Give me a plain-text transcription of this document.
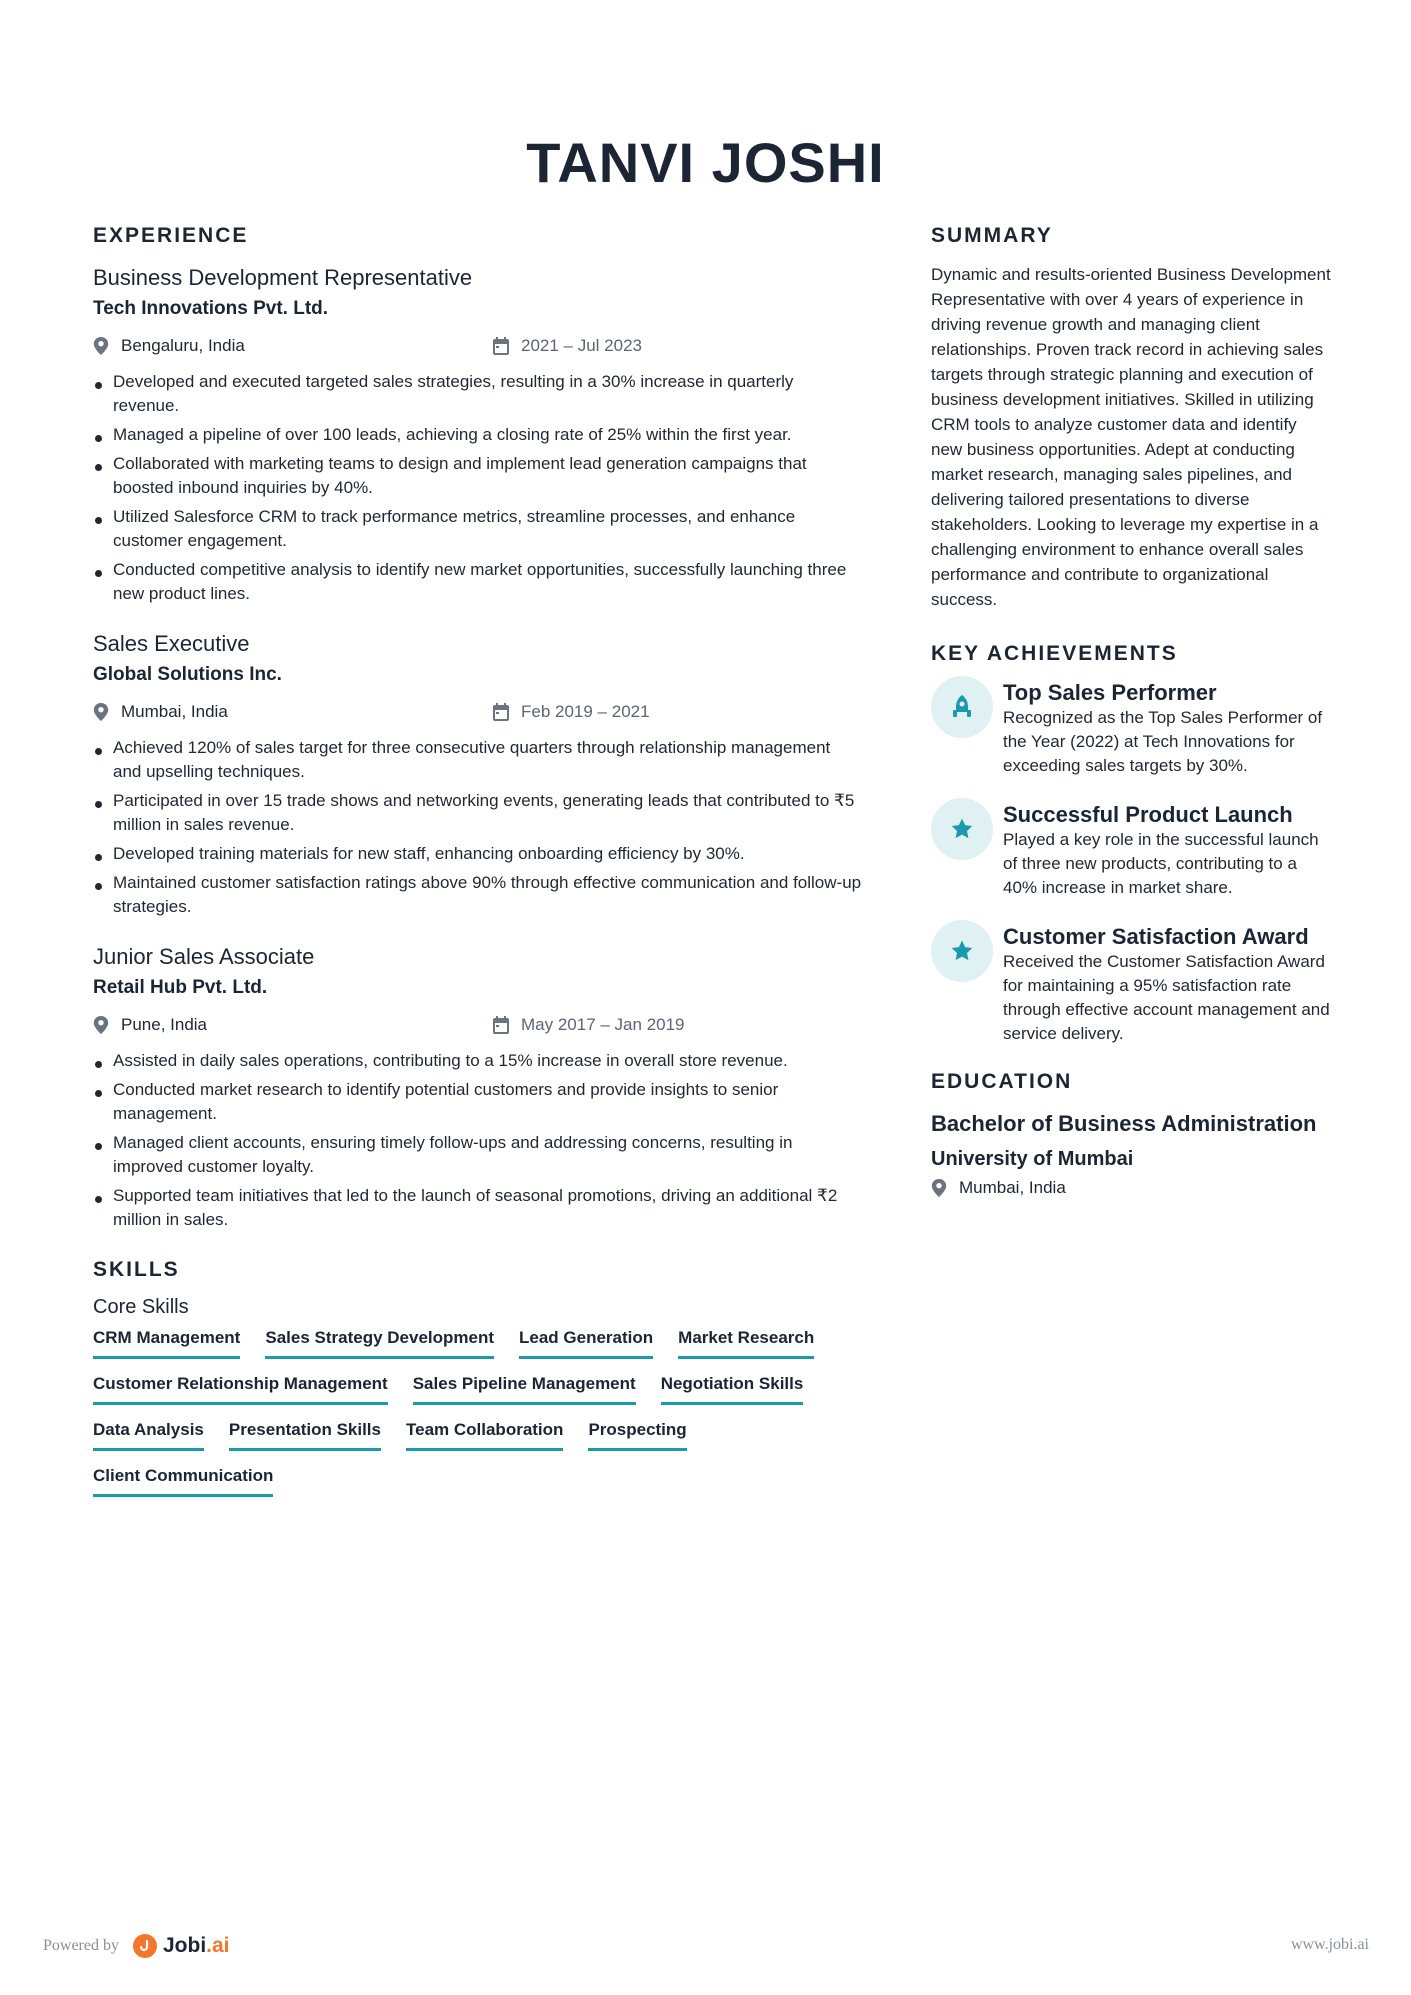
TANVI JOSHI
EXPERIENCE

Business Development Representative

Tech Innovations Pvt. Ltd.

Bengaluru, India	2021 – Jul 2023
Developed and executed targeted sales strategies, resulting in a 30% increase in quarterly revenue.
Managed a pipeline of over 100 leads, achieving a closing rate of 25% within the first year.
Collaborated with marketing teams to design and implement lead generation campaigns that boosted inbound inquiries by 40%.
Utilized Salesforce CRM to track performance metrics, streamline processes, and enhance customer engagement.
Conducted competitive analysis to identify new market opportunities, successfully launching three new product lines.

Sales Executive

Global Solutions Inc.

Mumbai, India	Feb 2019 – 2021
Achieved 120% of sales target for three consecutive quarters through relationship management and upselling techniques.
Participated in over 15 trade shows and networking events, generating leads that contributed to ₹5 million in sales revenue.
Developed training materials for new staff, enhancing onboarding efficiency by 30%.
Maintained customer satisfaction ratings above 90% through effective communication and follow-up strategies.

Junior Sales Associate

Retail Hub Pvt. Ltd.

Pune, India	May 2017 – Jan 2019
Assisted in daily sales operations, contributing to a 15% increase in overall store revenue.
Conducted market research to identify potential customers and provide insights to senior management.
Managed client accounts, ensuring timely follow-ups and addressing concerns, resulting in improved customer loyalty.
Supported team initiatives that led to the launch of seasonal promotions, driving an additional ₹2 million in sales.
SKILLS

Core Skills

CRM Management Sales Strategy Development Lead Generation Market Research
Customer Relationship Management Sales Pipeline Management Negotiation Skills
Data Analysis Presentation Skills Team Collaboration Prospecting
Client Communication
SUMMARY

Dynamic and results-oriented Business Development Representative with over 4 years of experience in driving revenue growth and managing client relationships. Proven track record in achieving sales targets through strategic planning and execution of business development initiatives. Skilled in utilizing CRM tools to analyze customer data and identify new business opportunities. Adept at conducting market research, managing sales pipelines, and delivering tailored presentations to diverse stakeholders. Looking to leverage my expertise in a challenging environment to enhance overall sales performance and contribute to organizational success.

KEY ACHIEVEMENTS

Top Sales Performer

Recognized as the Top Sales Performer of the Year (2022) at Tech Innovations for exceeding sales targets by 30%.

Successful Product Launch

Played a key role in the successful launch of three new products, contributing to a 40% increase in market share.

Customer Satisfaction Award

Received the Customer Satisfaction Award for maintaining a 95% satisfaction rate through effective account management and service delivery.

EDUCATION

Bachelor of Business Administration

University of Mumbai

Mumbai, India
Powered by Jobi.ai	www.jobi.ai
